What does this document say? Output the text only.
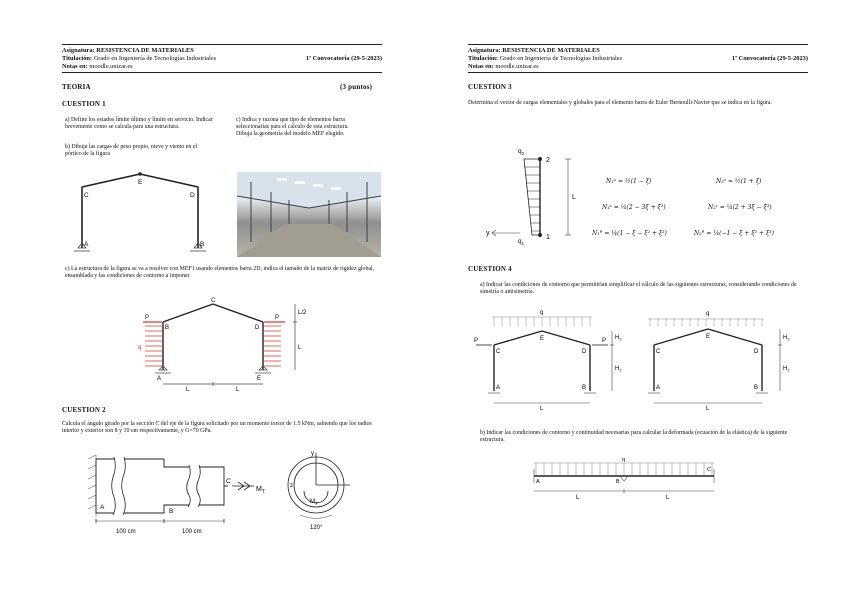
Asignatura: RESISTENCIA DE MATERIALES
Titulación: Grado en Ingeniería de Tecnologías Industriales	1ª Convocatoria (29-5-2023)
Notas en: moodle.unizar.es
TEORIA	(3 puntos)
CUESTION 1
a) Define los estados límite último y límite en servicio. Indicar brevemente como se calcula para una estructura.
b) Dibuja las cargas de peso propio, nieve y viento en el pórtico de la figura
c) Indica y razona que tipo de elementos barra seleccionarías para el cálculo de esta estructura. Dibuja la geometría del modelo MEF elegido.
C
E
D
A	B
c) La estructura de la figura se va a resolver con MEF1 usando elementos barra 2D, indica el tamaño de la matriz de rigidez global, ensamblada y las condiciones de contorno a imponer.
P	P
q
B
C
D
A	E
L	L
L/2
L
CUESTION 2
Calcula el ángulo girado por la sección C del eje de la figura solicitado por un momento torsor de 1.5 kNm, sabiendo que los radios interior y exterior son 8 y 10 cm respectivamente, y G=70 GPa.
A
B
C
$M_T$
100 cm	100 cm
y
z
$M_T$
120°
Asignatura: RESISTENCIA DE MATERIALES
Titulación: Grado en Ingeniería de Tecnologías Industriales	1ª Convocatoria (29-5-2023)
Notas en: moodle.unizar.es
CUESTION 3
Determina el vector de cargas elementales y globales para el elemento barra de Euler Bernoulli-Navier que se indica en la figura.
$q_2$
$q_1$
2
1
L
y
N₁ᵘ = ½(1 − ξ)	N₂ᵘ = ½(1 + ξ)
N₁ᵛ = ¼(2 − 3ξ + ξ³)	N₂ᵛ = ¼(2 + 3ξ − ξ³)
N₁ᶿ = ¼(1 − ξ − ξ² + ξ³)	N₂ᶿ = ¼(−1 − ξ + ξ² + ξ³)
CUESTION 4
a) Indicar las condiciones de contorno que permitirían simplificar el cálculo de las siguientes estructuras, considerando condiciones de simetría o antisimetría.
q
P	P
C
E
D
A	B
L
$H_2$
$H_1$
q
C
E
D
A	B
L
$H_2$
$H_1$
b) Indicar las condiciones de contorno y continuidad necesarias para calcular la deformada (ecuación de la elástica) de la siguiente estructura.
q
A	B
C
L	L
